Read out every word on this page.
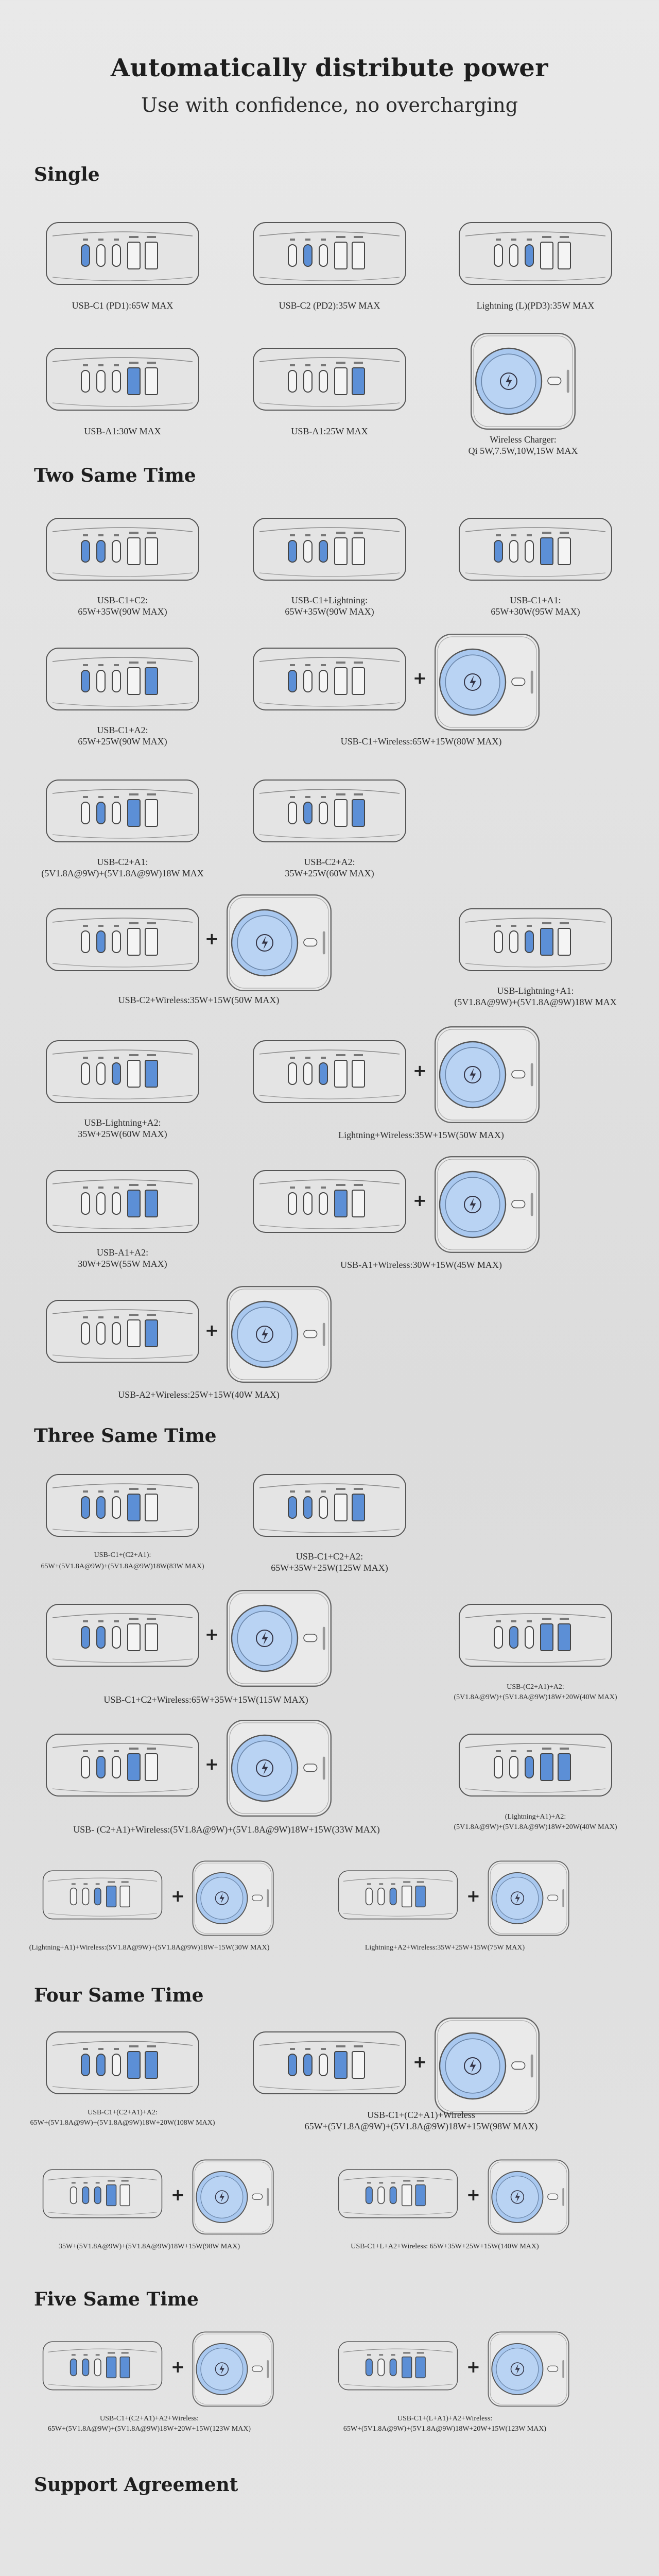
Automatically distribute power
Use with confidence, no overcharging
Single
Two Same Time
Three Same Time
Four Same Time
Five Same Time
Support Agreement
+
+
+
+
+
+
+
+	+
+
+	+
+	+
USB-C1 (PD1):65W MAX	USB-C2 (PD2):35W MAX	Lightning (L)(PD3):35W MAX
USB-A1:30W MAX	USB-A1:25W MAX
Wireless Charger:
Qi 5W,7.5W,10W,15W MAX
USB-C1+C2:
65W+35W(90W MAX)
USB-C1+Lightning:
65W+35W(90W MAX)
USB-C1+A1:
65W+30W(95W MAX)
USB-C1+A2:
65W+25W(90W MAX)	USB-C1+Wireless:65W+15W(80W MAX)
USB-C2+A1:
(5V1.8A@9W)+(5V1.8A@9W)18W MAX
USB-C2+A2:
35W+25W(60W MAX)
USB-C2+Wireless:35W+15W(50W MAX)
USB-Lightning+A1:
(5V1.8A@9W)+(5V1.8A@9W)18W MAX
USB-Lightning+A2:
35W+25W(60W MAX)	Lightning+Wireless:35W+15W(50W MAX)
USB-A1+A2:
30W+25W(55W MAX)	USB-A1+Wireless:30W+15W(45W MAX)
USB-A2+Wireless:25W+15W(40W MAX)
USB-C1+(C2+A1):
65W+(5V1.8A@9W)+(5V1.8A@9W)18W(83W MAX)
USB-C1+C2+A2:
65W+35W+25W(125W MAX)
USB-C1+C2+Wireless:65W+35W+15W(115W MAX)
USB-(C2+A1)+A2:
(5V1.8A@9W)+(5V1.8A@9W)18W+20W(40W MAX)
USB- (C2+A1)+Wireless:(5V1.8A@9W)+(5V1.8A@9W)18W+15W(33W MAX)
(Lightning+A1)+A2:
(5V1.8A@9W)+(5V1.8A@9W)18W+20W(40W MAX)
(Lightning+A1)+Wireless:(5V1.8A@9W)+(5V1.8A@9W)18W+15W(30W MAX)	Lightning+A2+Wireless:35W+25W+15W(75W MAX)
USB-C1+(C2+A1)+A2:
65W+(5V1.8A@9W)+(5V1.8A@9W)18W+20W(108W MAX)
USB-C1+(C2+A1)+Wireless
65W+(5V1.8A@9W)+(5V1.8A@9W)18W+15W(98W MAX)
35W+(5V1.8A@9W)+(5V1.8A@9W)18W+15W(98W MAX)	USB-C1+L+A2+Wireless: 65W+35W+25W+15W(140W MAX)
USB-C1+(C2+A1)+A2+Wireless:
65W+(5V1.8A@9W)+(5V1.8A@9W)18W+20W+15W(123W MAX)
USB-C1+(L+A1)+A2+Wireless:
65W+(5V1.8A@9W)+(5V1.8A@9W)18W+20W+15W(123W MAX)
